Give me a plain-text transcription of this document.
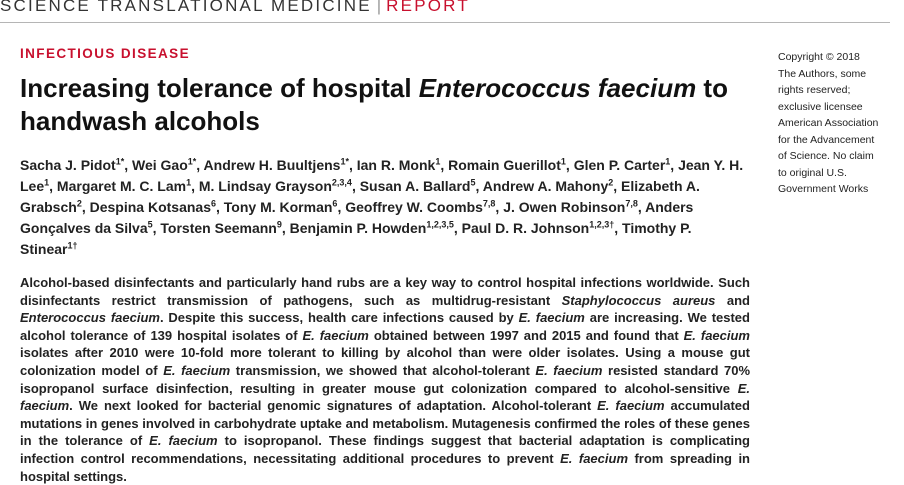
SCIENCE TRANSLATIONAL MEDICINE | REPORT
INFECTIOUS DISEASE
Increasing tolerance of hospital Enterococcus faecium to handwash alcohols
Sacha J. Pidot$^{1*}$, Wei Gao$^{1*}$, Andrew H. Buultjens$^{1*}$, Ian R. Monk$^1$, Romain Guerillot$^1$, Glen P. Carter$^1$, Jean Y. H. Lee$^1$, Margaret M. C. Lam$^1$, M. Lindsay Grayson$^{2,3,4}$, Susan A. Ballard$^5$, Andrew A. Mahony$^2$, Elizabeth A. Grabsch$^2$, Despina Kotsanas$^6$, Tony M. Korman$^6$, Geoffrey W. Coombs$^{7,8}$, J. Owen Robinson$^{7,8}$, Anders Gonçalves da Silva$^5$, Torsten Seemann$^9$, Benjamin P. Howden$^{1,2,3,5}$, Paul D. R. Johnson$^{1,2,3\dagger}$, Timothy P. Stinear$^{1\dagger}$
Copyright © 2018
The Authors, some
rights reserved;
exclusive licensee
American Association
for the Advancement
of Science. No claim
to original U.S.
Government Works
Alcohol-based disinfectants and particularly hand rubs are a key way to control hospital infections worldwide. Such disinfectants restrict transmission of pathogens, such as multidrug-resistant Staphylococcus aureus and Enterococcus faecium. Despite this success, health care infections caused by E. faecium are increasing. We tested alcohol tolerance of 139 hospital isolates of E. faecium obtained between 1997 and 2015 and found that E. faecium isolates after 2010 were 10-fold more tolerant to killing by alcohol than were older isolates. Using a mouse gut colonization model of E. faecium transmission, we showed that alcohol-tolerant E. faecium resisted standard 70% isopropanol surface disinfection, resulting in greater mouse gut colonization compared to alcohol-sensitive E. faecium. We next looked for bacterial genomic signatures of adaptation. Alcohol-tolerant E. faecium accumulated mutations in genes involved in carbohydrate uptake and metabolism. Mutagenesis confirmed the roles of these genes in the tolerance of E. faecium to isopropanol. These findings suggest that bacterial adaptation is complicating infection control recommendations, necessitating additional procedures to prevent E. faecium from spreading in hospital settings.
